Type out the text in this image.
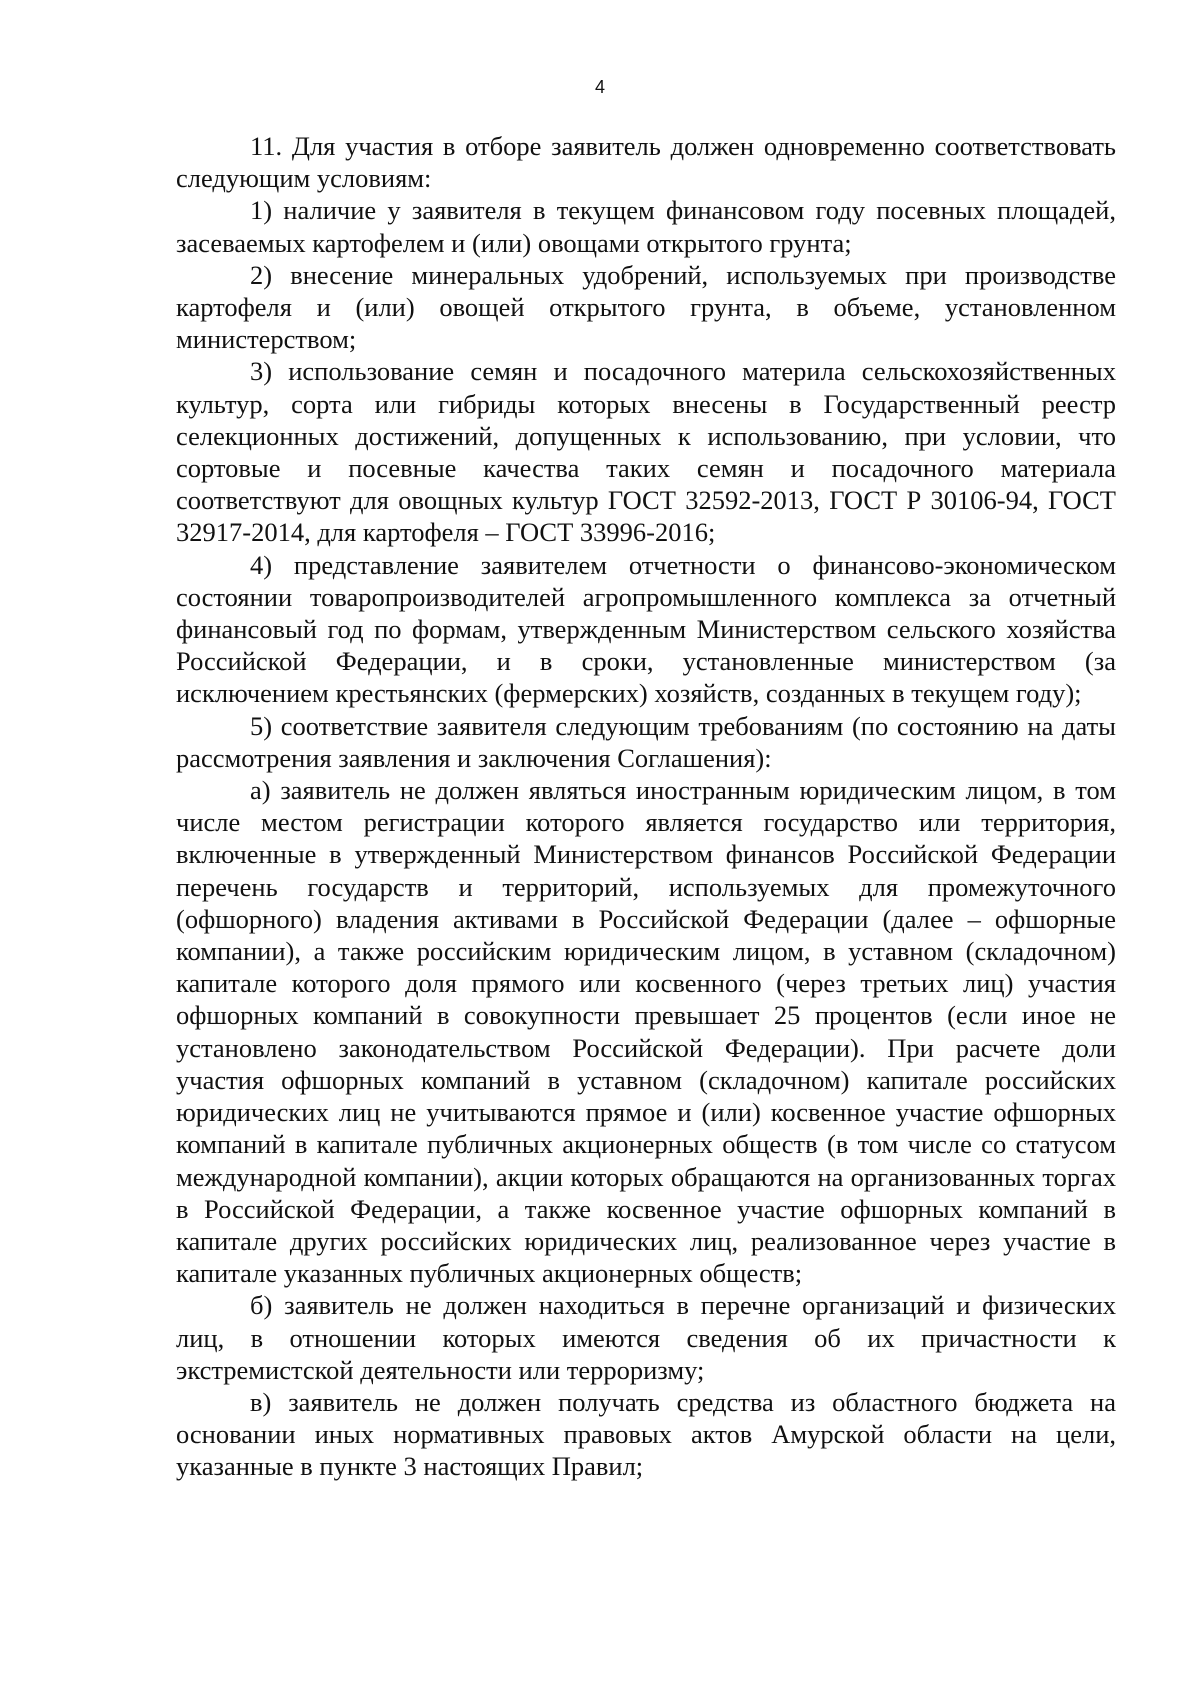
4

11. Для участия в отборе заявитель должен одновременно соответствовать следующим условиям:

1) наличие у заявителя в текущем финансовом году посевных площадей, засеваемых картофелем и (или) овощами открытого грунта;

2) внесение минеральных удобрений, используемых при производстве картофеля и (или) овощей открытого грунта, в объеме, установленном министерством;

3) использование семян и посадочного материла сельскохозяйственных культур, сорта или гибриды которых внесены в Государственный реестр селекционных достижений, допущенных к использованию, при условии, что сортовые и посевные качества таких семян и посадочного материала соответствуют для овощных культур ГОСТ 32592-2013, ГОСТ Р 30106-94, ГОСТ 32917-2014, для картофеля – ГОСТ 33996-2016;

4) представление заявителем отчетности о финансово-экономическом состоянии товаропроизводителей агропромышленного комплекса за отчетный финансовый год по формам, утвержденным Министерством сельского хозяйства Российской Федерации, и в сроки, установленные министерством (за исключением крестьянских (фермерских) хозяйств, созданных в текущем году);

5) соответствие заявителя следующим требованиям (по состоянию на даты рассмотрения заявления и заключения Соглашения):

а) заявитель не должен являться иностранным юридическим лицом, в том числе местом регистрации которого является государство или территория, включенные в утвержденный Министерством финансов Российской Федерации перечень государств и территорий, используемых для промежуточного (офшорного) владения активами в Российской Федерации (далее – офшорные компании), а также российским юридическим лицом, в уставном (складочном) капитале которого доля прямого или косвенного (через третьих лиц) участия офшорных компаний в совокупности превышает 25 процентов (если иное не установлено законодательством Российской Федерации). При расчете доли участия офшорных компаний в уставном (складочном) капитале российских юридических лиц не учитываются прямое и (или) косвенное участие офшорных компаний в капитале публичных акционерных обществ (в том числе со статусом международной компании), акции которых обращаются на организованных торгах в Российской Федерации, а также косвенное участие офшорных компаний в капитале других российских юридических лиц, реализованное через участие в капитале указанных публичных акционерных обществ;

б) заявитель не должен находиться в перечне организаций и физических лиц, в отношении которых имеются сведения об их причастности к экстремистской деятельности или терроризму;

в) заявитель не должен получать средства из областного бюджета на основании иных нормативных правовых актов Амурской области на цели, указанные в пункте 3 настоящих Правил;
